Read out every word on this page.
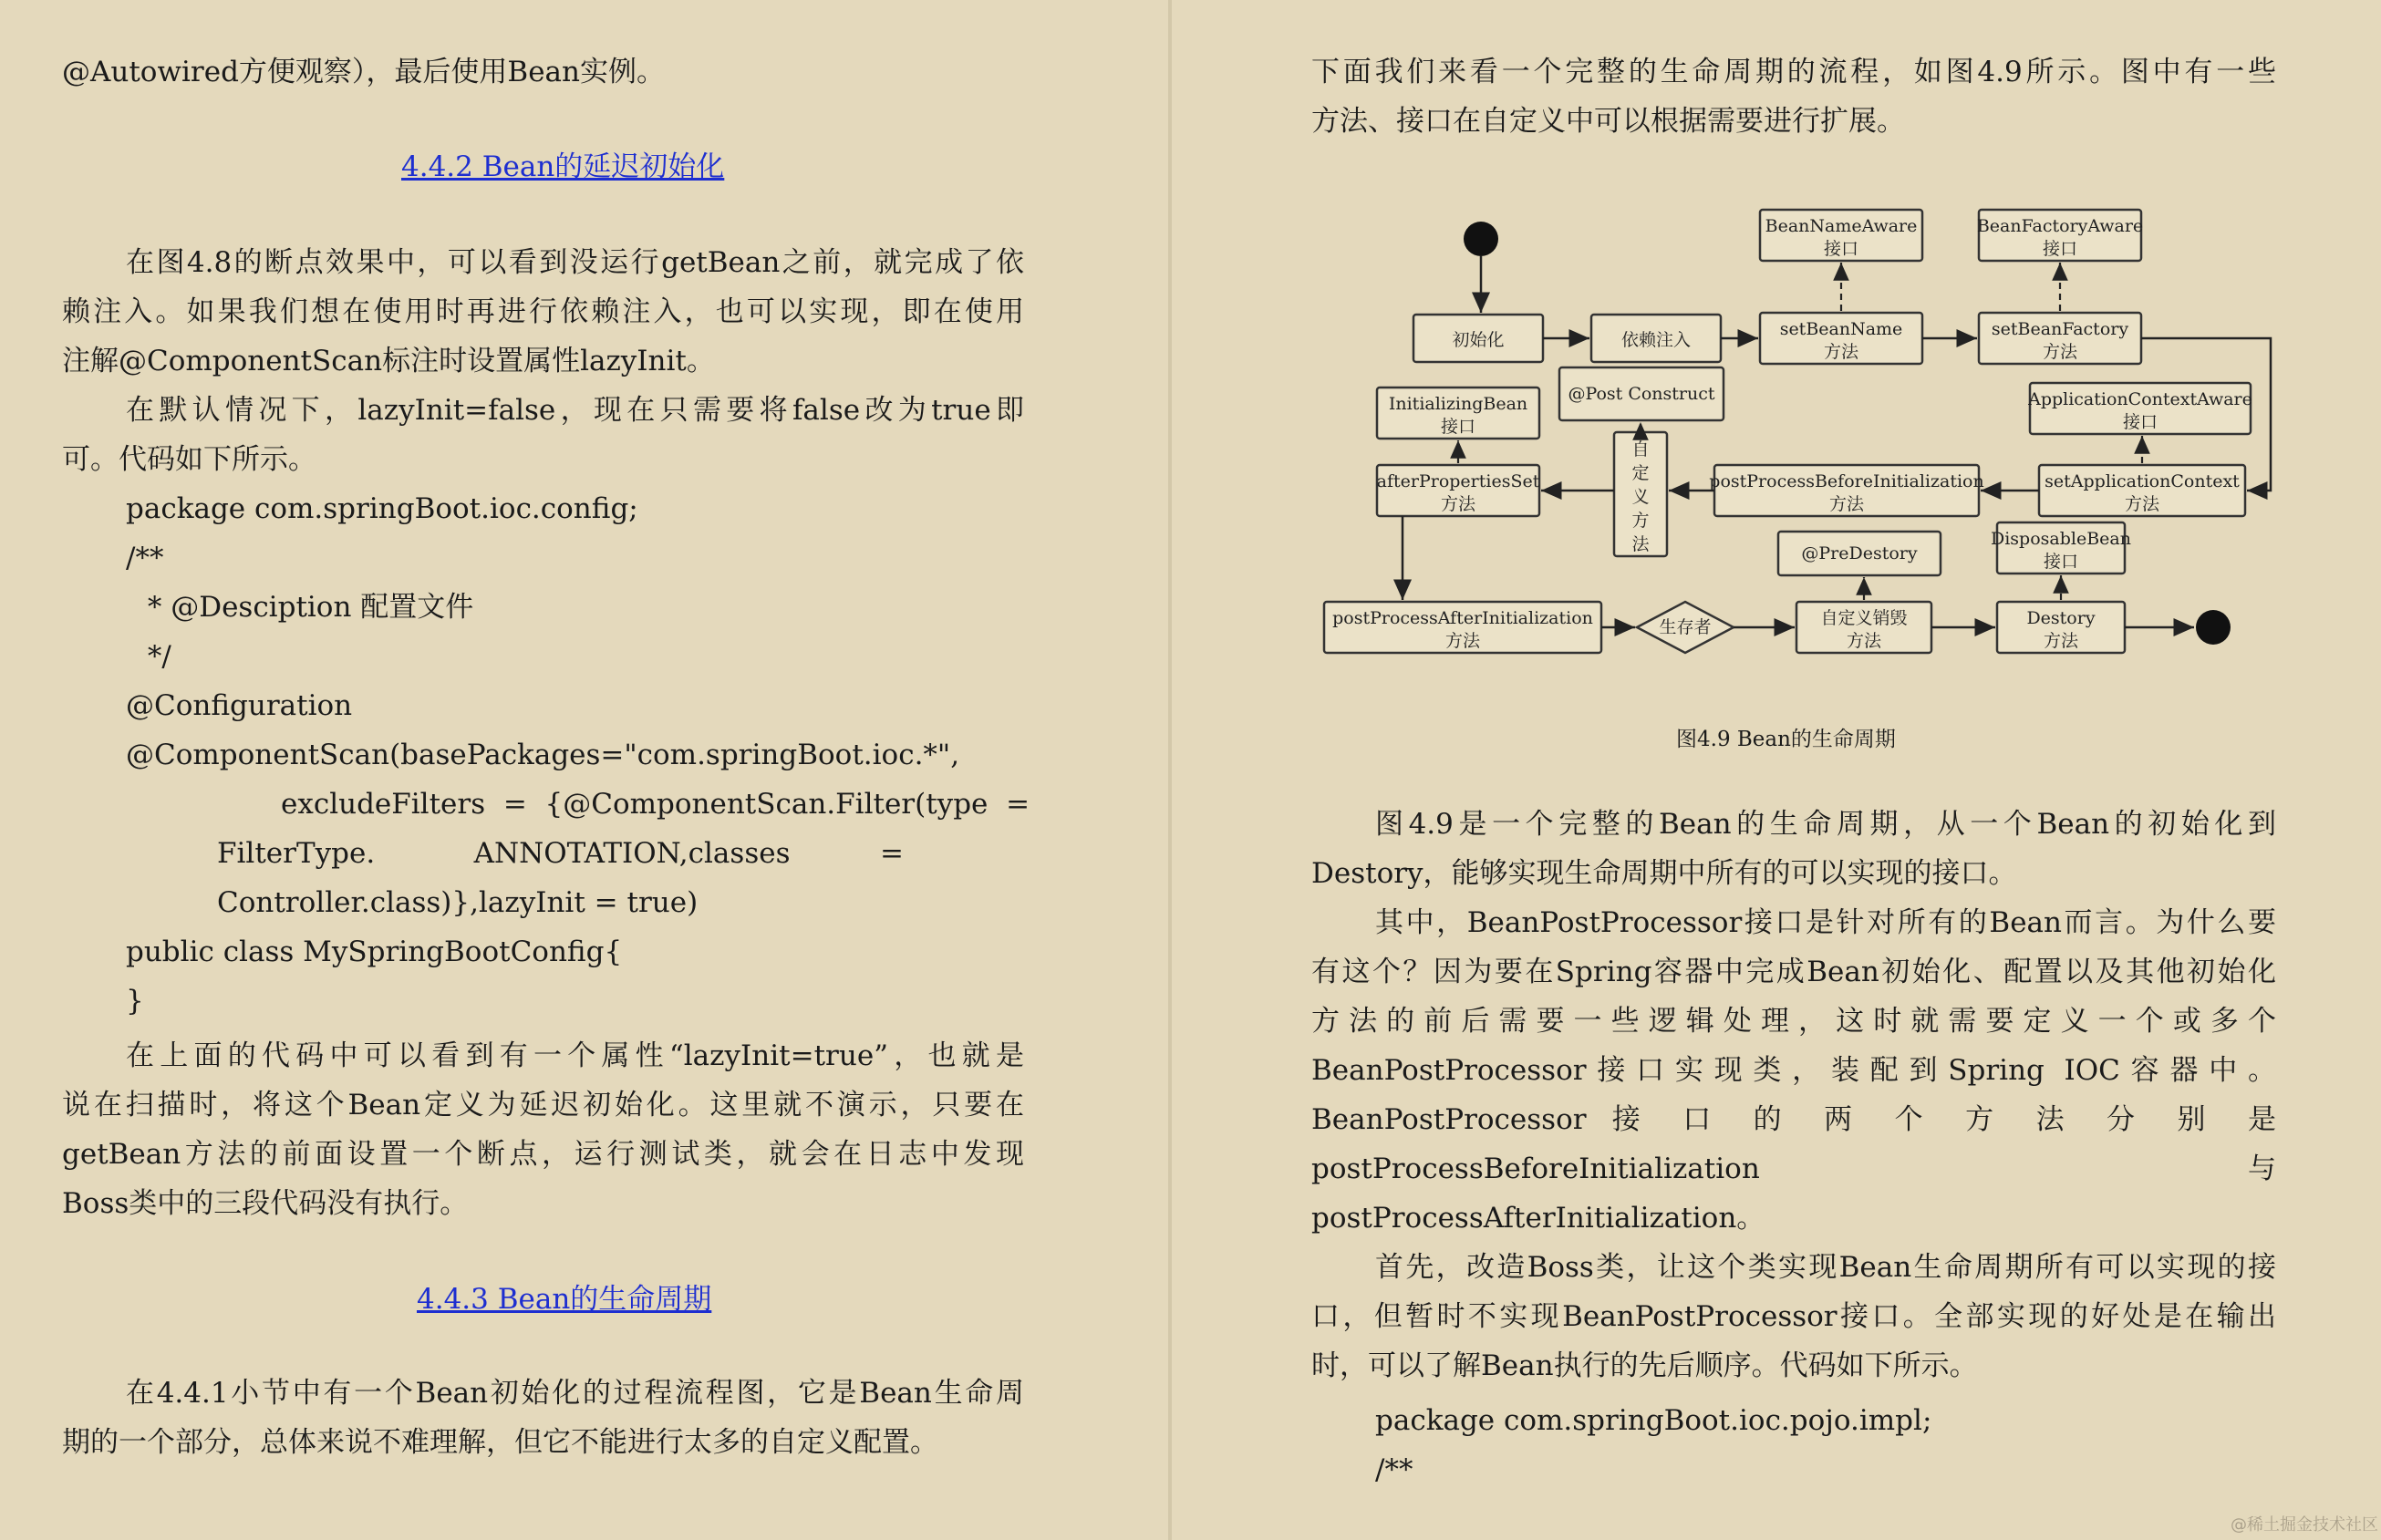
@Autowired方便观察），最后使用Bean实例。
4.4.2 Bean的延迟初始化
在图4.8的断点效果中，可以看到没运行getBean之前，就完成了依
赖注入。如果我们想在使用时再进行依赖注入，也可以实现，即在使用
注解@ComponentScan标注时设置属性lazyInit。
在默认情况下，lazyInit=false，现在只需要将false改为true即
可。代码如下所示。
package com.springBoot.ioc.config;
/**
* @Desciption 配置文件
*/
@Configuration
@ComponentScan(basePackages="com.springBoot.ioc.*",
excludeFilters  =  {@ComponentScan.Filter(type  =
FilterType.           ANNOTATION,classes          =
Controller.class)},lazyInit = true)
public class MySpringBootConfig{
}
在上面的代码中可以看到有一个属性“lazyInit=true”，也就是
说在扫描时，将这个Bean定义为延迟初始化。这里就不演示，只要在
getBean方法的前面设置一个断点，运行测试类，就会在日志中发现
Boss类中的三段代码没有执行。
4.4.3 Bean的生命周期
在4.4.1小节中有一个Bean初始化的过程流程图，它是Bean生命周
期的一个部分，总体来说不难理解，但它不能进行太多的自定义配置。
下面我们来看一个完整的生命周期的流程，如图4.9所示。图中有一些
方法、接口在自定义中可以根据需要进行扩展。
初始化	依赖注入
setBeanName
方法
BeanNameAware
接口
setBeanFactory
方法
BeanFactoryAware
接口
@Post Construct
自
定
义
方
法
InitializingBean
接口
afterPropertiesSet
方法
postProcessBeforeInitialization
方法
ApplicationContextAware
接口
setApplicationContext
方法
@PreDestory
DisposableBean
接口
postProcessAfterInitialization
方法
生存者	自定义销毁
方法
Destory
方法
图4.9 Bean的生命周期
图4.9是一个完整的Bean的生命周期，从一个Bean的初始化到
Destory，能够实现生命周期中所有的可以实现的接口。
其中，BeanPostProcessor接口是针对所有的Bean而言。为什么要
有这个？因为要在Spring容器中完成Bean初始化、配置以及其他初始化
方法的前后需要一些逻辑处理，这时就需要定义一个或多个
BeanPostProcessor接口实现类，装配到Spring IOC容器中。
BeanPostProcessor 接 口 的 两 个 方 法 分 别 是
postProcessBeforeInitialization 与
postProcessAfterInitialization。
首先，改造Boss类，让这个类实现Bean生命周期所有可以实现的接
口，但暂时不实现BeanPostProcessor接口。全部实现的好处是在输出
时，可以了解Bean执行的先后顺序。代码如下所示。
package com.springBoot.ioc.pojo.impl;
/**
@稀土掘金技术社区
